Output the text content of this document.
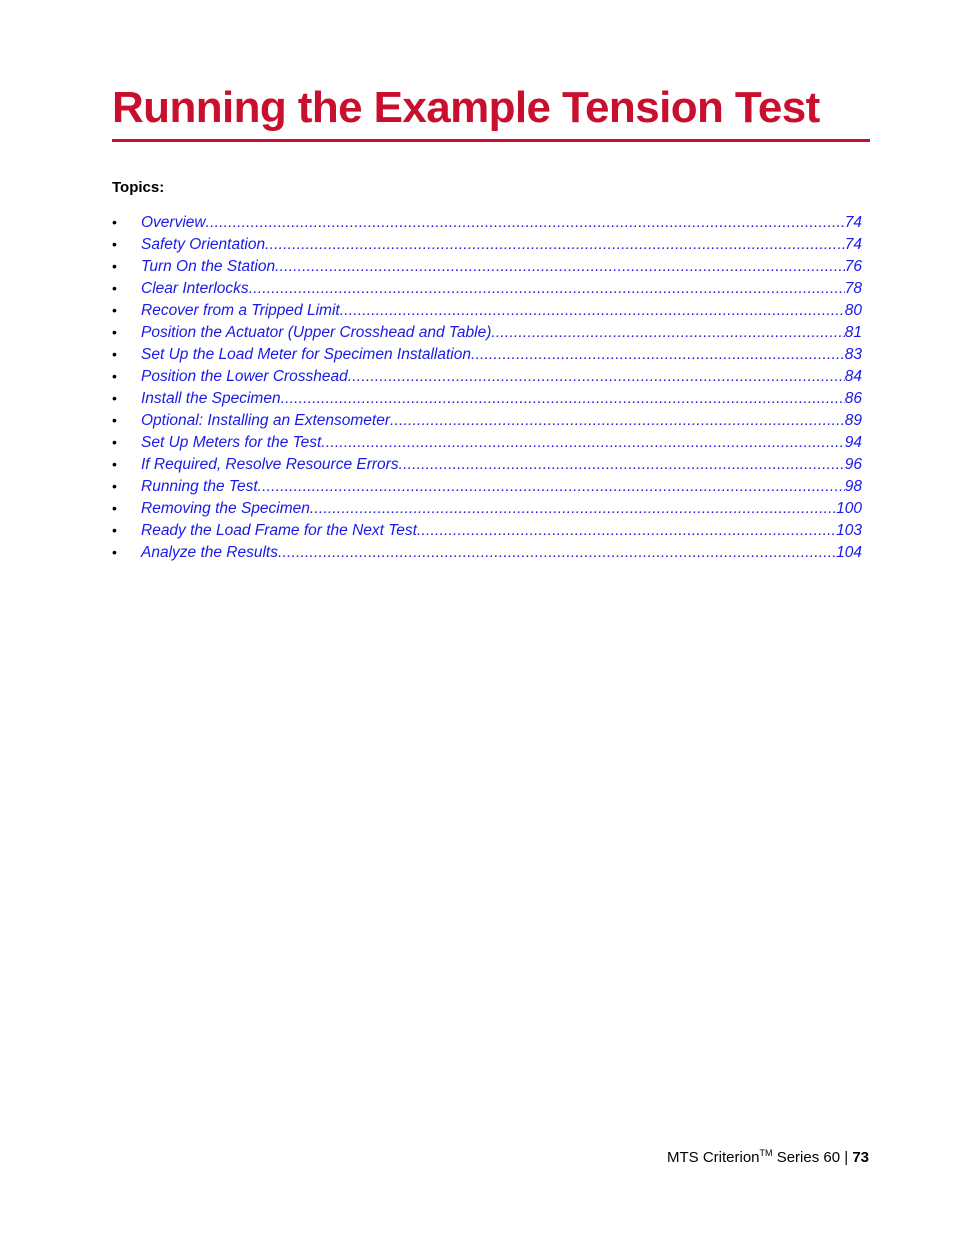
Running the Example Tension Test
Topics:
•	Overview .....	74
•	Safety Orientation .....	74
•	Turn On the Station .....	76
•	Clear Interlocks .....	78
•	Recover from a Tripped Limit .....	80
•	Position the Actuator (Upper Crosshead and Table) .....	81
•	Set Up the Load Meter for Specimen Installation .....	83
•	Position the Lower Crosshead .....	84
•	Install the Specimen .....	86
•	Optional: Installing an Extensometer .....	89
•	Set Up Meters for the Test .....	94
•	If Required, Resolve Resource Errors .....	96
•	Running the Test .....	98
•	Removing the Specimen .....	100
•	Ready the Load Frame for the Next Test .....	103
•	Analyze the Results .....	104
MTS Criterion™ Series 60 | 73
